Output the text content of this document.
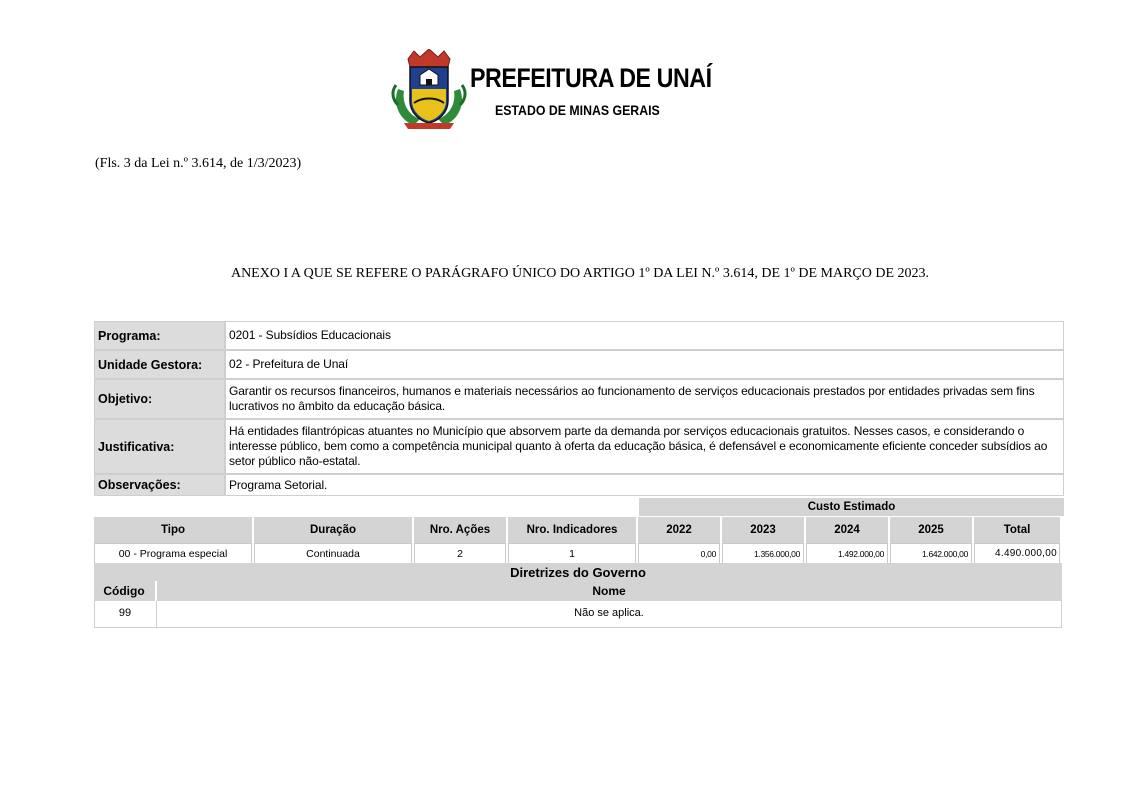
PREFEITURA DE UNAÍ
ESTADO DE MINAS GERAIS
(Fls. 3 da Lei n.º 3.614, de 1/3/2023)
ANEXO I A QUE SE REFERE O PARÁGRAFO ÚNICO DO ARTIGO 1º DA LEI N.º 3.614, DE 1º DE MARÇO DE 2023.
Programa:	0201 - Subsídios Educacionais
Unidade Gestora:	02 - Prefeitura de Unaí
Objetivo:	Garantir os recursos financeiros, humanos e materiais necessários ao funcionamento de serviços educacionais prestados por entidades privadas sem fins lucrativos no âmbito da educação básica.
Justificativa:	Há entidades filantrópicas atuantes no Município que absorvem parte da demanda por serviços educacionais gratuitos. Nesses casos, e considerando o interesse público, bem como a competência municipal quanto à oferta da educação básica, é defensável e economicamente eficiente conceder subsídios ao setor público não-estatal.
Observações:	Programa Setorial.
Custo Estimado
Tipo	Duração	Nro. Ações	Nro. Indicadores	2022	2023	2024	2025	Total
00 - Programa especial	Continuada	2	1	0,00	1.356.000,00	1.492.000,00	1.642.000,00	4.490.000,00
Diretrizes do Governo
Código	Nome
99	Não se aplica.
